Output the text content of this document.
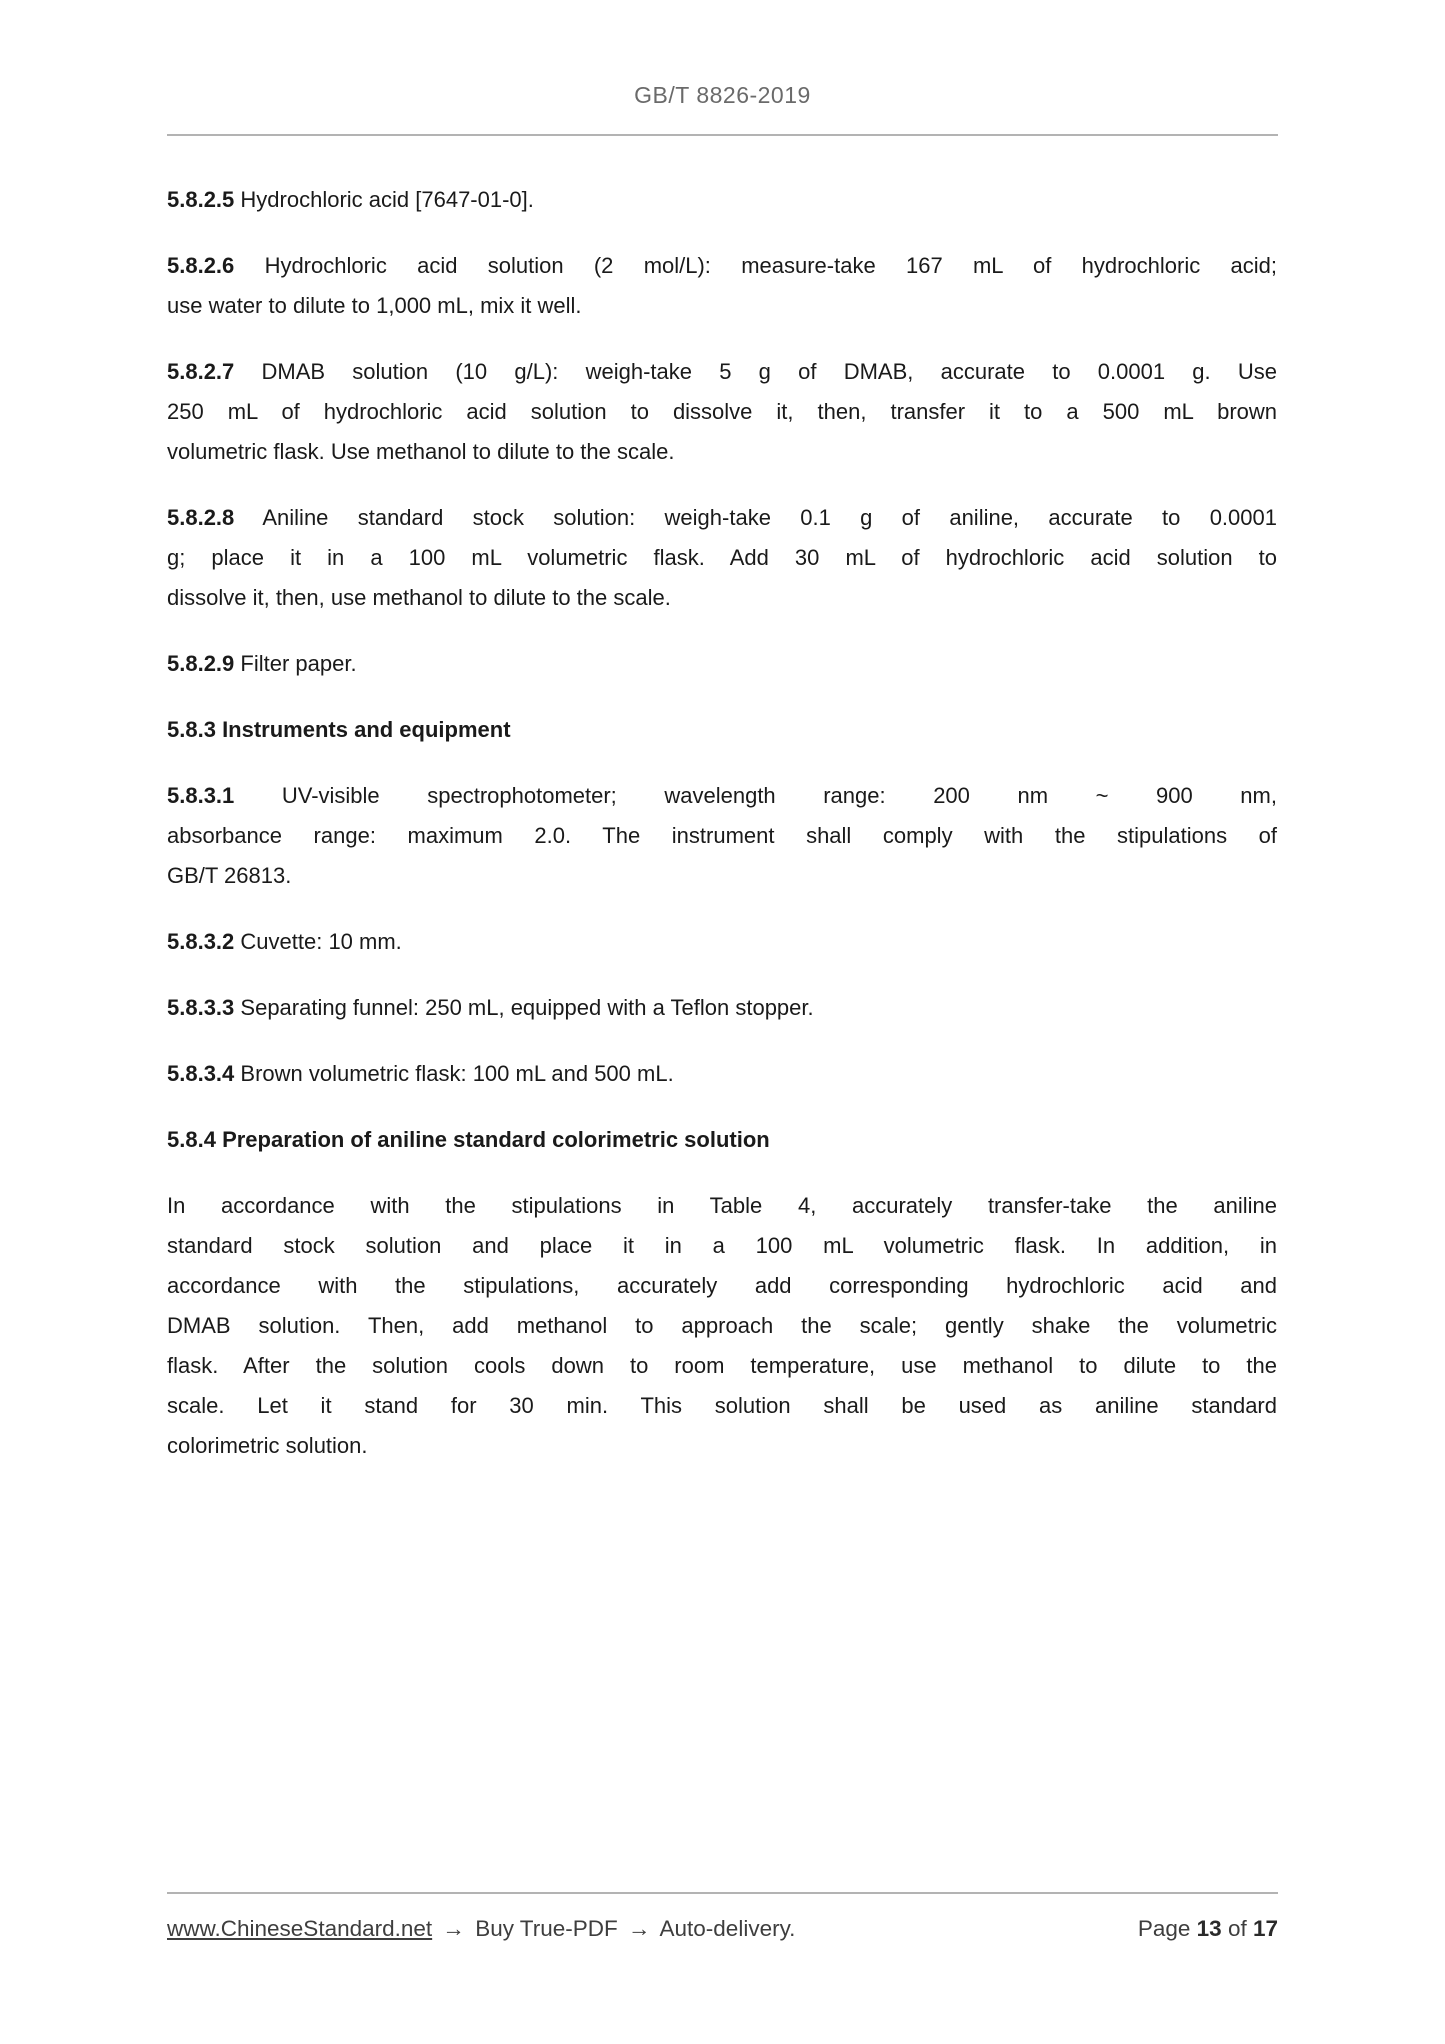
GB/T 8826-2019
5.8.2.5 Hydrochloric acid [7647-01-0].
5.8.2.6 Hydrochloric acid solution (2 mol/L): measure-take 167 mL of hydrochloric acid;
use water to dilute to 1,000 mL, mix it well.
5.8.2.7 DMAB solution (10 g/L): weigh-take 5 g of DMAB, accurate to 0.0001 g. Use
250 mL of hydrochloric acid solution to dissolve it, then, transfer it to a 500 mL brown
volumetric flask. Use methanol to dilute to the scale.
5.8.2.8 Aniline standard stock solution: weigh-take 0.1 g of aniline, accurate to 0.0001
g; place it in a 100 mL volumetric flask. Add 30 mL of hydrochloric acid solution to
dissolve it, then, use methanol to dilute to the scale.
5.8.2.9 Filter paper.
5.8.3 Instruments and equipment
5.8.3.1 UV-visible spectrophotometer; wavelength range: 200 nm ~ 900 nm,
absorbance range: maximum 2.0. The instrument shall comply with the stipulations of
GB/T 26813.
5.8.3.2 Cuvette: 10 mm.
5.8.3.3 Separating funnel: 250 mL, equipped with a Teflon stopper.
5.8.3.4 Brown volumetric flask: 100 mL and 500 mL.
5.8.4 Preparation of aniline standard colorimetric solution
In accordance with the stipulations in Table 4, accurately transfer-take the aniline
standard stock solution and place it in a 100 mL volumetric flask. In addition, in
accordance with the stipulations, accurately add corresponding hydrochloric acid and
DMAB solution. Then, add methanol to approach the scale; gently shake the volumetric
flask. After the solution cools down to room temperature, use methanol to dilute to the
scale. Let it stand for 30 min. This solution shall be used as aniline standard
colorimetric solution.
www.ChineseStandard.net → Buy True-PDF → Auto-delivery.	Page 13 of 17
